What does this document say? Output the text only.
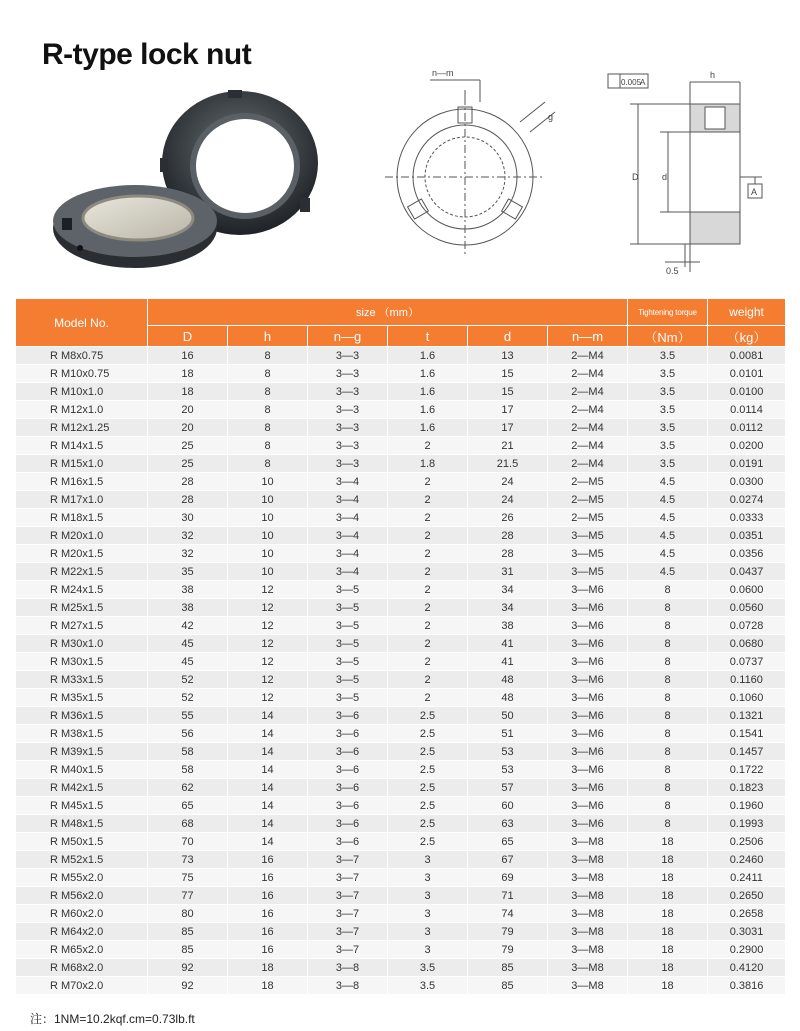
R-type lock nut
n—m
g
h
0.005
A
D	d
A
0.5
Model No.	size （mm）						Tightening torque	weight
	D	h	n—g	t	d	n—m	（Nm）	（kg）
R M8x0.75	16	8	3—3	1.6	13	2—M4	3.5	0.0081
R M10x0.75	18	8	3—3	1.6	15	2—M4	3.5	0.0101
R M10x1.0	18	8	3—3	1.6	15	2—M4	3.5	0.0100
R M12x1.0	20	8	3—3	1.6	17	2—M4	3.5	0.0114
R M12x1.25	20	8	3—3	1.6	17	2—M4	3.5	0.0112
R M14x1.5	25	8	3—3	2	21	2—M4	3.5	0.0200
R M15x1.0	25	8	3—3	1.8	21.5	2—M4	3.5	0.0191
R M16x1.5	28	10	3—4	2	24	2—M5	4.5	0.0300
R M17x1.0	28	10	3—4	2	24	2—M5	4.5	0.0274
R M18x1.5	30	10	3—4	2	26	2—M5	4.5	0.0333
R M20x1.0	32	10	3—4	2	28	3—M5	4.5	0.0351
R M20x1.5	32	10	3—4	2	28	3—M5	4.5	0.0356
R M22x1.5	35	10	3—4	2	31	3—M5	4.5	0.0437
R M24x1.5	38	12	3—5	2	34	3—M6	8	0.0600
R M25x1.5	38	12	3—5	2	34	3—M6	8	0.0560
R M27x1.5	42	12	3—5	2	38	3—M6	8	0.0728
R M30x1.0	45	12	3—5	2	41	3—M6	8	0.0680
R M30x1.5	45	12	3—5	2	41	3—M6	8	0.0737
R M33x1.5	52	12	3—5	2	48	3—M6	8	0.1160
R M35x1.5	52	12	3—5	2	48	3—M6	8	0.1060
R M36x1.5	55	14	3—6	2.5	50	3—M6	8	0.1321
R M38x1.5	56	14	3—6	2.5	51	3—M6	8	0.1541
R M39x1.5	58	14	3—6	2.5	53	3—M6	8	0.1457
R M40x1.5	58	14	3—6	2.5	53	3—M6	8	0.1722
R M42x1.5	62	14	3—6	2.5	57	3—M6	8	0.1823
R M45x1.5	65	14	3—6	2.5	60	3—M6	8	0.1960
R M48x1.5	68	14	3—6	2.5	63	3—M6	8	0.1993
R M50x1.5	70	14	3—6	2.5	65	3—M8	18	0.2506
R M52x1.5	73	16	3—7	3	67	3—M8	18	0.2460
R M55x2.0	75	16	3—7	3	69	3—M8	18	0.2411
R M56x2.0	77	16	3—7	3	71	3—M8	18	0.2650
R M60x2.0	80	16	3—7	3	74	3—M8	18	0.2658
R M64x2.0	85	16	3—7	3	79	3—M8	18	0.3031
R M65x2.0	85	16	3—7	3	79	3—M8	18	0.2900
R M68x2.0	92	18	3—8	3.5	85	3—M8	18	0.4120
R M70x2.0	92	18	3—8	3.5	85	3—M8	18	0.3816
注：1NM=10.2kqf.cm=0.73lb.ft
